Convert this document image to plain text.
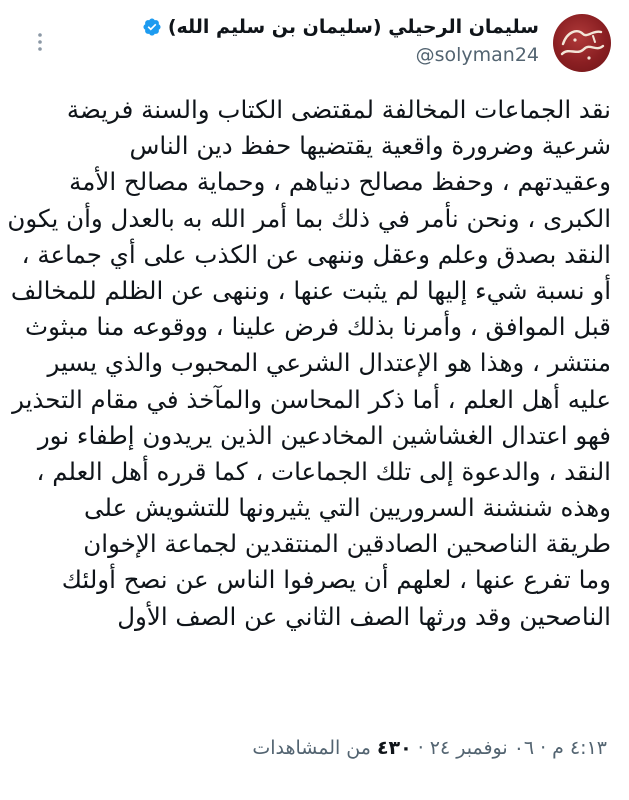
سليمان الرحيلي (سليمان بن سليم الله)
@solyman24
نقد الجماعات المخالفة لمقتضى الكتاب والسنة فريضة
شرعية وضرورة واقعية يقتضيها حفظ دين الناس
وعقيدتهم ، وحفظ مصالح دنياهم ، وحماية مصالح الأمة
الكبرى ، ونحن نأمر في ذلك بما أمر الله به بالعدل وأن يكون
النقد بصدق وعلم وعقل وننهى عن الكذب على أي جماعة ،
أو نسبة شيء إليها لم يثبت عنها ، وننهى عن الظلم للمخالف
قبل الموافق ، وأمرنا بذلك فرض علينا ، ووقوعه منا مبثوث
منتشر ، وهذا هو الإعتدال الشرعي المحبوب والذي يسير
عليه أهل العلم ، أما ذكر المحاسن والمآخذ في مقام التحذير
فهو اعتدال الغشاشين المخادعين الذين يريدون إطفاء نور
النقد ، والدعوة إلى تلك الجماعات ، كما قرره أهل العلم ،
وهذه شنشنة السروريين التي يثيرونها للتشويش على
طريقة الناصحين الصادقين المنتقدين لجماعة الإخوان
وما تفرع عنها ، لعلهم أن يصرفوا الناس عن نصح أولئك
الناصحين وقد ورثها الصف الثاني عن الصف الأول
٤:١٣ م
·
٠٦ نوفمبر ٢٤
·
٤٣٠
من المشاهدات
